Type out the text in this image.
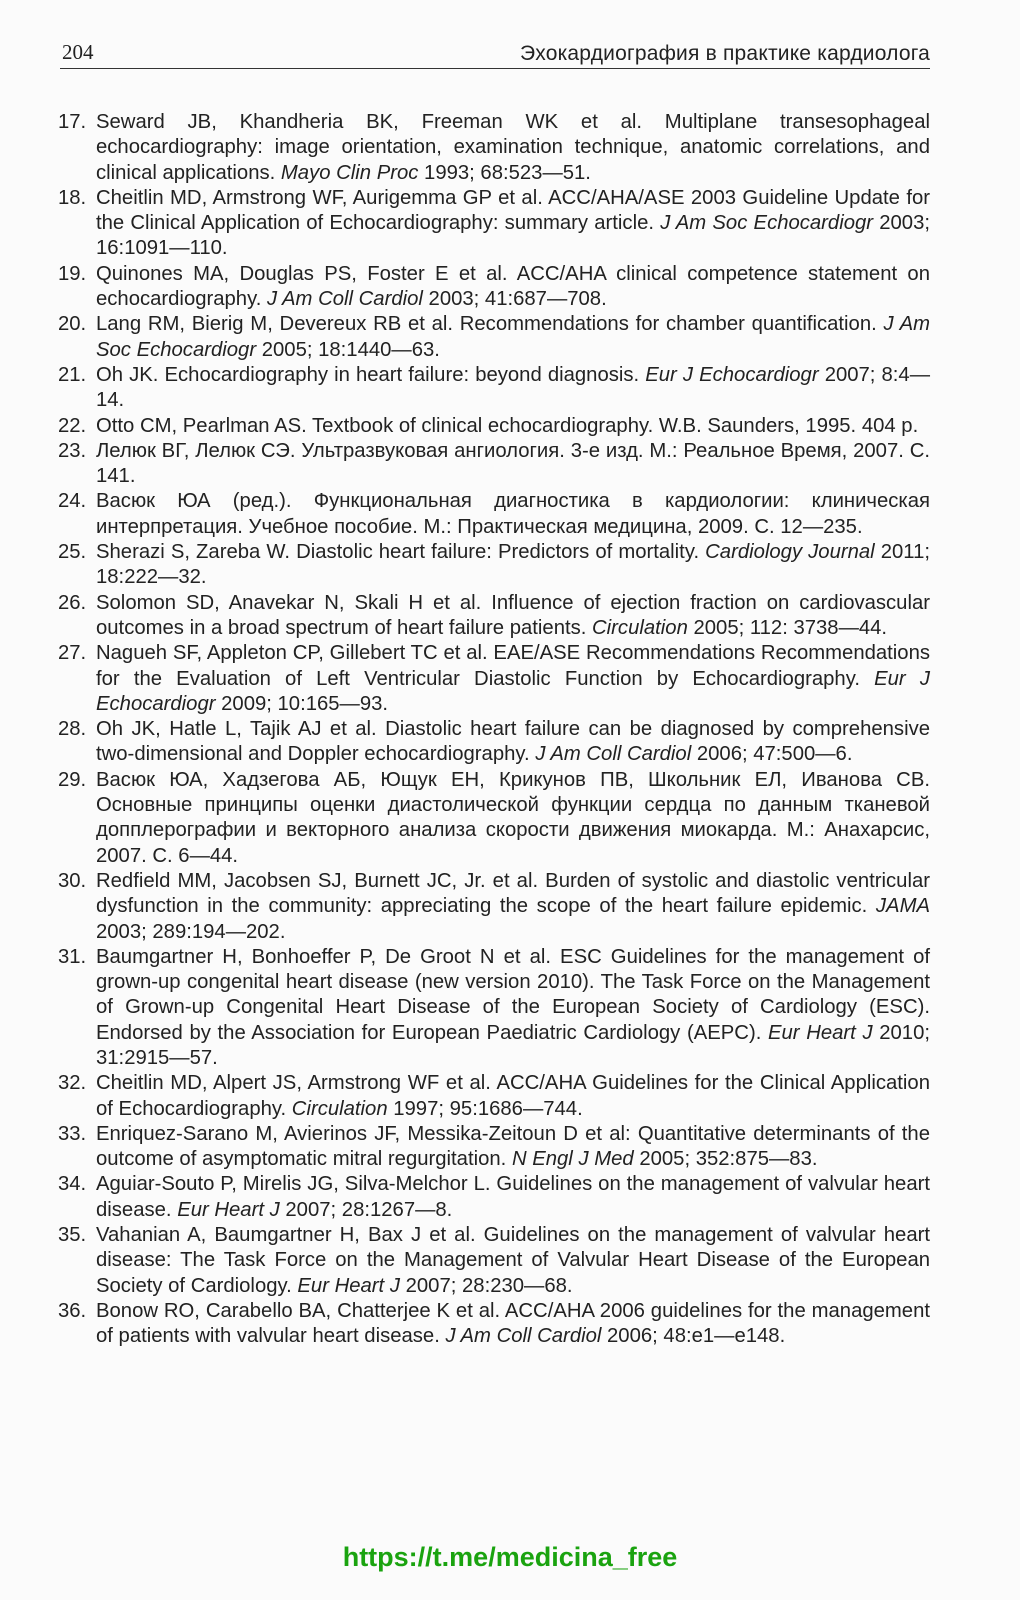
204	Эхокардиография в практике кардиолога
17. Seward JB, Khandheria BK, Freeman WK et al. Multiplane transesophageal echocardiography: image orientation, examination technique, anatomic correlations, and clinical applications. Mayo Clin Proc 1993; 68:523—51.
18. Cheitlin MD, Armstrong WF, Aurigemma GP et al. ACC/AHA/ASE 2003 Guideline Update for the Clinical Application of Echocardiography: summary article. J Am Soc Echocardiogr 2003; 16:1091—110.
19. Quinones MA, Douglas PS, Foster E et al. ACC/AHA clinical competence statement on echocardiography. J Am Coll Cardiol 2003; 41:687—708.
20. Lang RM, Bierig M, Devereux RB et al. Recommendations for chamber quantification. J Am Soc Echocardiogr 2005; 18:1440—63.
21. Oh JK. Echocardiography in heart failure: beyond diagnosis. Eur J Echocardiogr 2007; 8:4—14.
22. Otto CM, Pearlman AS. Textbook of clinical echocardiography. W.B. Saunders, 1995. 404 p.
23. Лелюк ВГ, Лелюк СЭ. Ультразвуковая ангиология. 3-е изд. М.: Реальное Время, 2007. С. 141.
24. Васюк ЮА (ред.). Функциональная диагностика в кардиологии: клиническая интерпретация. Учебное пособие. М.: Практическая медицина, 2009. С. 12—235.
25. Sherazi S, Zareba W. Diastolic heart failure: Predictors of mortality. Cardiology Journal 2011; 18:222—32.
26. Solomon SD, Anavekar N, Skali H et al. Influence of ejection fraction on cardiovascular outcomes in a broad spectrum of heart failure patients. Circulation 2005; 112: 3738—44.
27. Nagueh SF, Appleton CP, Gillebert TC et al. EAE/ASE Recommendations Recommendations for the Evaluation of Left Ventricular Diastolic Function by Echocardiography. Eur J Echocardiogr 2009; 10:165—93.
28. Oh JK, Hatle L, Tajik AJ et al. Diastolic heart failure can be diagnosed by comprehensive two-dimensional and Doppler echocardiography. J Am Coll Cardiol 2006; 47:500—6.
29. Васюк ЮА, Хадзегова АБ, Ющук ЕН, Крикунов ПВ, Школьник ЕЛ, Иванова СВ. Основные принципы оценки диастолической функции сердца по данным тканевой допплерографии и векторного анализа скорости движения миокарда. М.: Анахарсис, 2007. С. 6—44.
30. Redfield MM, Jacobsen SJ, Burnett JC, Jr. et al. Burden of systolic and diastolic ventricular dysfunction in the community: appreciating the scope of the heart failure epidemic. JAMA 2003; 289:194—202.
31. Baumgartner H, Bonhoeffer P, De Groot N et al. ESC Guidelines for the management of grown-up congenital heart disease (new version 2010). The Task Force on the Management of Grown-up Congenital Heart Disease of the European Society of Cardiology (ESC). Endorsed by the Association for European Paediatric Cardiology (AEPC). Eur Heart J 2010; 31:2915—57.
32. Cheitlin MD, Alpert JS, Armstrong WF et al. ACC/AHA Guidelines for the Clinical Application of Echocardiography. Circulation 1997; 95:1686—744.
33. Enriquez-Sarano M, Avierinos JF, Messika-Zeitoun D et al: Quantitative determinants of the outcome of asymptomatic mitral regurgitation. N Engl J Med 2005; 352:875—83.
34. Aguiar-Souto P, Mirelis JG, Silva-Melchor L. Guidelines on the management of valvular heart disease. Eur Heart J 2007; 28:1267—8.
35. Vahanian A, Baumgartner H, Bax J et al. Guidelines on the management of valvular heart disease: The Task Force on the Management of Valvular Heart Disease of the European Society of Cardiology. Eur Heart J 2007; 28:230—68.
36. Bonow RO, Carabello BA, Chatterjee K et al. ACC/AHA 2006 guidelines for the management of patients with valvular heart disease. J Am Coll Cardiol 2006; 48:e1—e148.
https://t.me/medicina_free
